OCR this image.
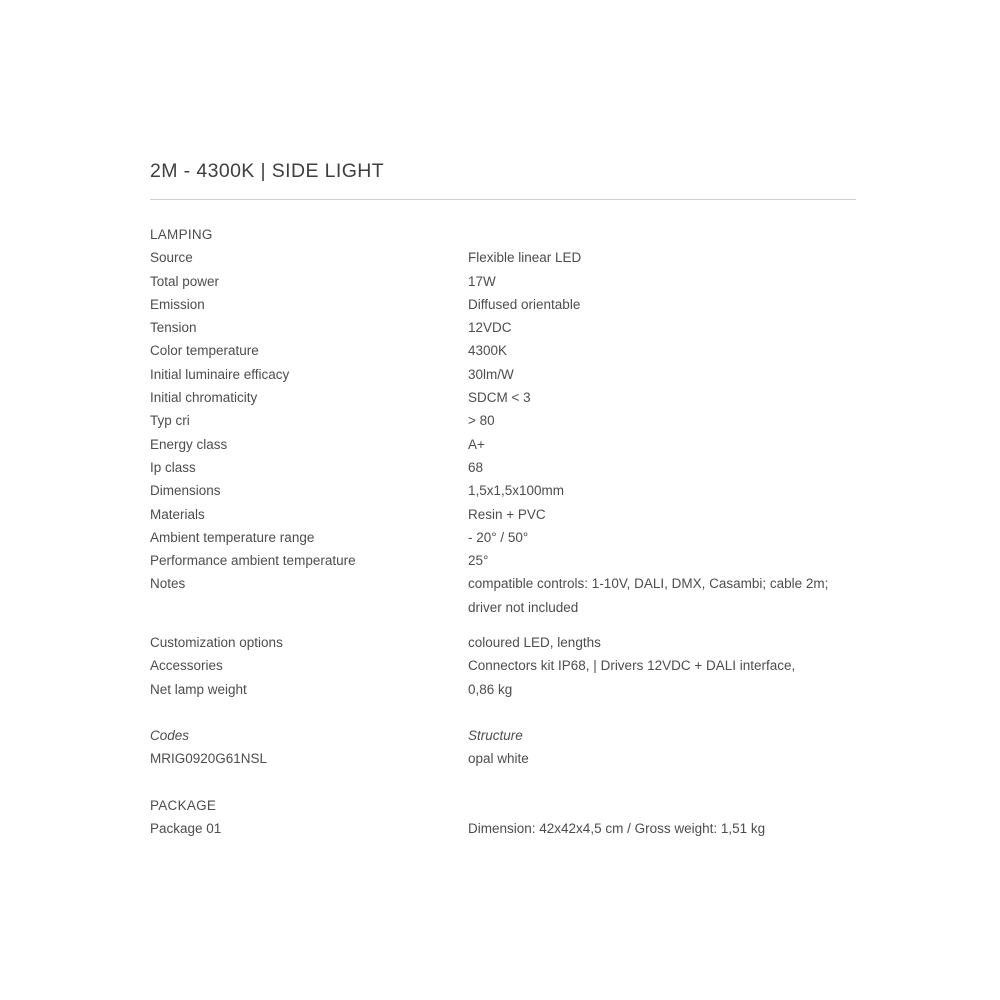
2M - 4300K | SIDE LIGHT

LAMPING	
Source	Flexible linear LED
Total power	17W
Emission	Diffused orientable
Tension	12VDC
Color temperature	4300K
Initial luminaire efficacy	30lm/W
Initial chromaticity	SDCM < 3
Typ cri	> 80
Energy class	A+
Ip class	68
Dimensions	1,5x1,5x100mm
Materials	Resin + PVC
Ambient temperature range	- 20° / 50°
Performance ambient temperature	25°
Notes		compatible controls: 1-10V, DALI, DMX, Casambi; cable 2m; driver not included

Customization options	coloured LED, lengths
Accessories	Connectors kit IP68, | Drivers 12VDC + DALI interface,
Net lamp weight	0,86 kg

Codes	Structure
MRIG0920G61NSL	opal white

PACKAGE	
Package 01	Dimension: 42x42x4,5 cm / Gross weight: 1,51 kg
